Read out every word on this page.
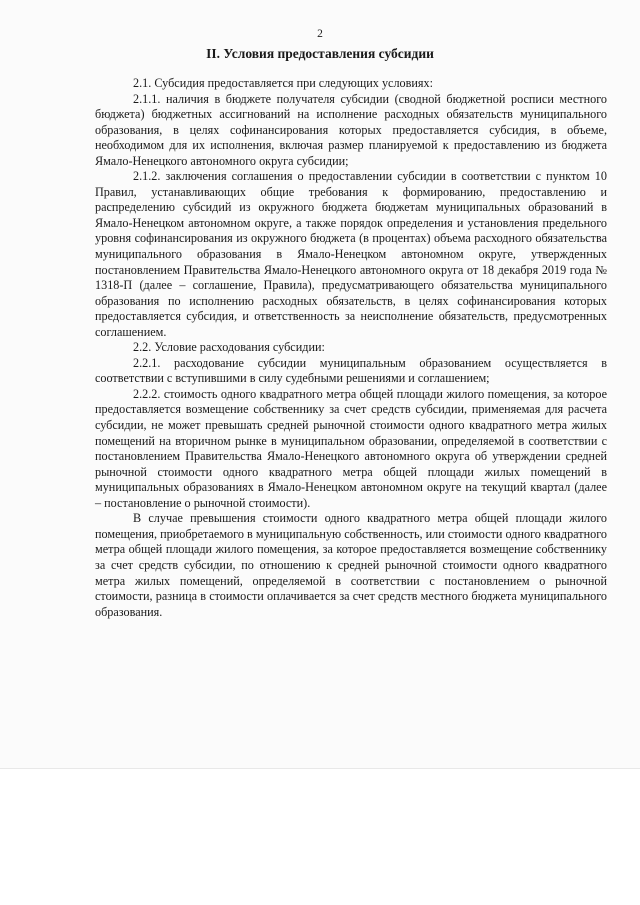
2
II. Условия предоставления субсидии

2.1. Субсидия предоставляется при следующих условиях:

2.1.1. наличия в бюджете получателя субсидии (сводной бюджетной росписи местного бюджета) бюджетных ассигнований на исполнение расходных обязательств муниципального образования, в целях софинансирования которых предоставляется субсидия, в объеме, необходимом для их исполнения, включая размер планируемой к предоставлению из бюджета Ямало-Ненецкого автономного округа субсидии;

2.1.2. заключения соглашения о предоставлении субсидии в соответствии с пунктом 10 Правил, устанавливающих общие требования к формированию, предоставлению и распределению субсидий из окружного бюджета бюджетам муниципальных образований в Ямало-Ненецком автономном округе, а также порядок определения и установления предельного уровня софинансирования из окружного бюджета (в процентах) объема расходного обязательства муниципального образования в Ямало-Ненецком автономном округе, утвержденных постановлением Правительства Ямало-Ненецкого автономного округа от 18 декабря 2019 года № 1318-П (далее – соглашение, Правила), предусматривающего обязательства муниципального образования по исполнению расходных обязательств, в целях софинансирования которых предоставляется субсидия, и ответственность за неисполнение обязательств, предусмотренных соглашением.

2.2. Условие расходования субсидии:

2.2.1. расходование субсидии муниципальным образованием осуществляется в соответствии с вступившими в силу судебными решениями и соглашением;

2.2.2. стоимость одного квадратного метра общей площади жилого помещения, за которое предоставляется возмещение собственнику за счет средств субсидии, применяемая для расчета субсидии, не может превышать средней рыночной стоимости одного квадратного метра жилых помещений на вторичном рынке в муниципальном образовании, определяемой в соответствии с постановлением Правительства Ямало-Ненецкого автономного округа об утверждении средней рыночной стоимости одного квадратного метра общей площади жилых помещений в муниципальных образованиях в Ямало-Ненецком автономном округе на текущий квартал (далее – постановление о рыночной стоимости).

В случае превышения стоимости одного квадратного метра общей площади жилого помещения, приобретаемого в муниципальную собственность, или стоимости одного квадратного метра общей площади жилого помещения, за которое предоставляется возмещение собственнику за счет средств субсидии, по отношению к средней рыночной стоимости одного квадратного метра жилых помещений, определяемой в соответствии с постановлением о рыночной стоимости, разница в стоимости оплачивается за счет средств местного бюджета муниципального образования.
